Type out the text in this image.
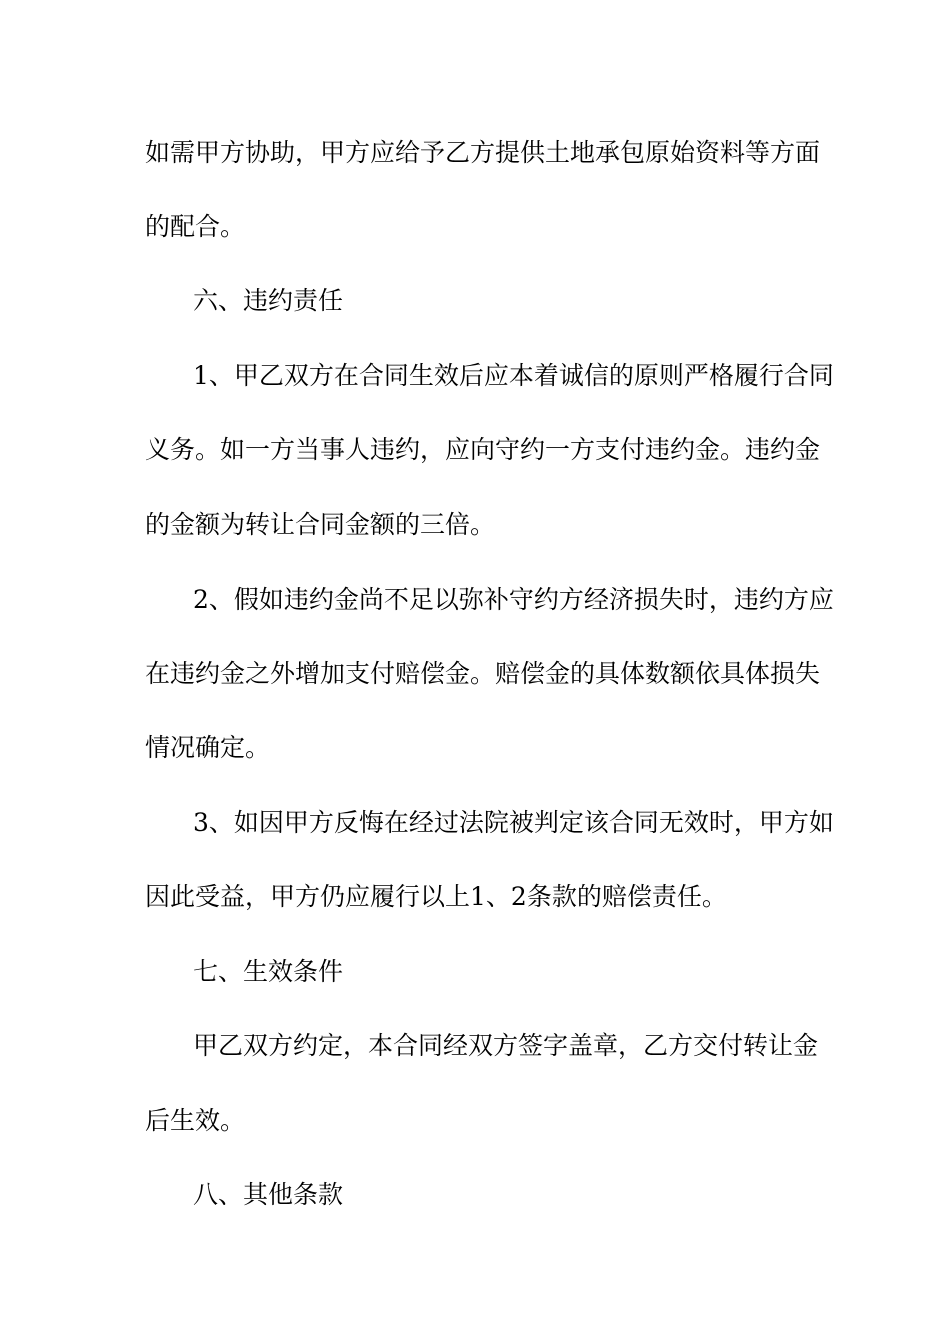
如需甲方协助，甲方应给予乙方提供土地承包原始资料等方面
的配合。
六、违约责任
1、甲乙双方在合同生效后应本着诚信的原则严格履行合同
义务。如一方当事人违约，应向守约一方支付违约金。违约金
的金额为转让合同金额的三倍。
2、假如违约金尚不足以弥补守约方经济损失时，违约方应
在违约金之外增加支付赔偿金。赔偿金的具体数额依具体损失
情况确定。
3、如因甲方反悔在经过法院被判定该合同无效时，甲方如
因此受益，甲方仍应履行以上1、2条款的赔偿责任。
七、生效条件
甲乙双方约定，本合同经双方签字盖章，乙方交付转让金
后生效。
八、其他条款
